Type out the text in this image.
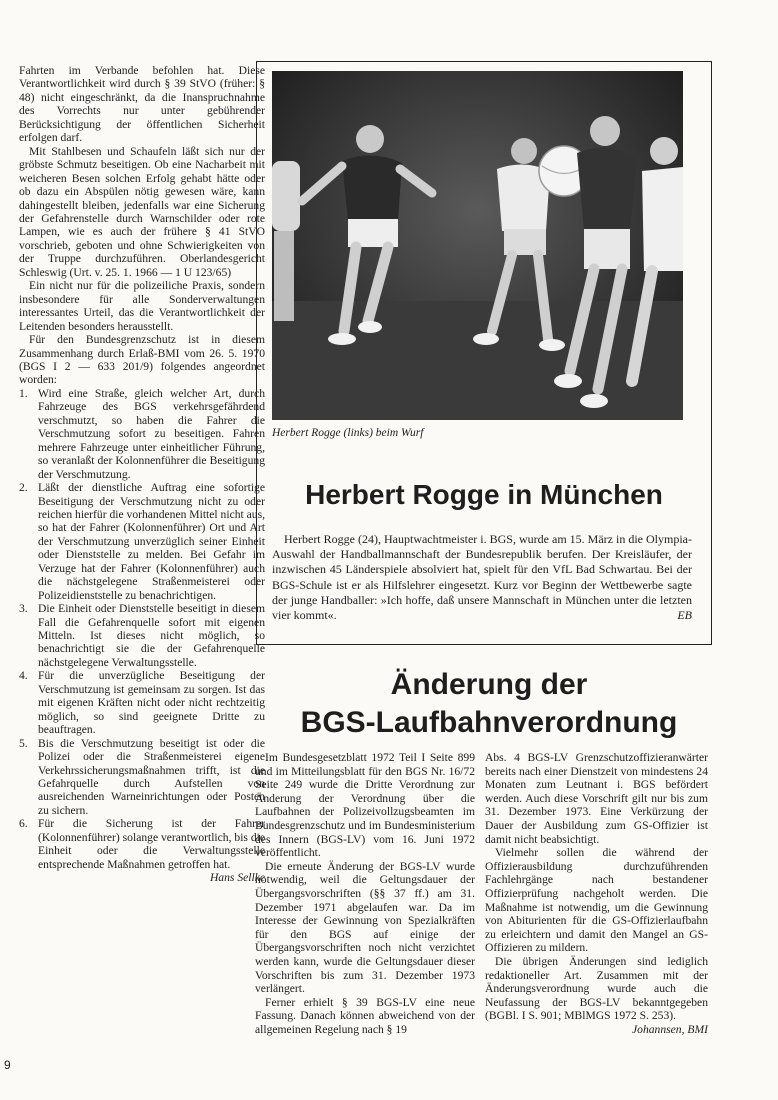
Fahrten im Verbande befohlen hat. Diese Verantwortlichkeit wird durch § 39 StVO (früher: § 48) nicht eingeschränkt, da die Inanspruchnahme des Vorrechts nur unter gebührender Berücksichtigung der öffentlichen Sicherheit erfolgen darf.

Mit Stahlbesen und Schaufeln läßt sich nur der gröbste Schmutz beseitigen. Ob eine Nacharbeit mit weicheren Besen solchen Erfolg gehabt hätte oder ob dazu ein Abspülen nötig gewesen wäre, kann dahingestellt bleiben, jedenfalls war eine Sicherung der Gefahrenstelle durch Warnschilder oder rote Lampen, wie es auch der frühere § 41 StVO vorschrieb, geboten und ohne Schwierigkeiten von der Truppe durchzuführen. Oberlandesgericht Schleswig (Urt. v. 25. 1. 1966 — 1 U 123/65)

Ein nicht nur für die polizeiliche Praxis, sondern insbesondere für alle Sonderverwaltungen interessantes Urteil, das die Verantwortlichkeit der Leitenden besonders herausstellt.

Für den Bundesgrenzschutz ist in diesem Zusammenhang durch Erlaß-BMI vom 26. 5. 1970 (BGS I 2 — 633 201/9) folgendes angeordnet worden:

1. Wird eine Straße, gleich welcher Art, durch Fahrzeuge des BGS verkehrsgefährdend verschmutzt, so haben die Fahrer die Verschmutzung sofort zu beseitigen. Fahren mehrere Fahrzeuge unter einheitlicher Führung, so veranlaßt der Kolonnenführer die Beseitigung der Verschmutzung.
2. Läßt der dienstliche Auftrag eine sofortige Beseitigung der Verschmutzung nicht zu oder reichen hierfür die vorhandenen Mittel nicht aus, so hat der Fahrer (Kolonnenführer) Ort und Art der Verschmutzung unverzüglich seiner Einheit oder Dienststelle zu melden. Bei Gefahr im Verzuge hat der Fahrer (Kolonnenführer) auch die nächstgelegene Straßenmeisterei oder Polizeidienststelle zu benachrichtigen.
3. Die Einheit oder Dienststelle beseitigt in diesem Fall die Gefahrenquelle sofort mit eigenen Mitteln. Ist dieses nicht möglich, so benachrichtigt sie die der Gefahrenquelle nächstgelegene Verwaltungsstelle.
4. Für die unverzügliche Beseitigung der Verschmutzung ist gemeinsam zu sorgen. Ist das mit eigenen Kräften nicht oder nicht rechtzeitig möglich, so sind geeignete Dritte zu beauftragen.
5. Bis die Verschmutzung beseitigt ist oder die Polizei oder die Straßenmeisterei eigene Verkehrssicherungsmaßnahmen trifft, ist die Gefahrquelle durch Aufstellen von ausreichenden Warneinrichtungen oder Posten zu sichern.
6. Für die Sicherung ist der Fahrer (Kolonnenführer) solange verantwortlich, bis die Einheit oder die Verwaltungsstelle entsprechende Maßnahmen getroffen hat.
Hans Sellke
9
Herbert Rogge (links) beim Wurf
Herbert Rogge in München

Herbert Rogge (24), Hauptwachtmeister i. BGS, wurde am 15. März in die Olympia-Auswahl der Handballmannschaft der Bundesrepublik berufen. Der Kreisläufer, der inzwischen 45 Länderspiele absolviert hat, spielt für den VfL Bad Schwartau. Bei der BGS-Schule ist er als Hilfslehrer eingesetzt. Kurz vor Beginn der Wettbewerbe sagte der junge Handballer: »Ich hoffe, daß unsere Mannschaft in München unter die letzten vier kommt«.	EB

Änderung der
BGS-Laufbahnverordnung

Im Bundesgesetzblatt 1972 Teil I Seite 899 und im Mitteilungsblatt für den BGS Nr. 16/72 Seite 249 wurde die Dritte Verordnung zur Änderung der Verordnung über die Laufbahnen der Polizeivollzugsbeamten im Bundesgrenzschutz und im Bundesministerium des Innern (BGS-LV) vom 16. Juni 1972 veröffentlicht.

Die erneute Änderung der BGS-LV wurde notwendig, weil die Geltungsdauer der Übergangsvorschriften (§§ 37 ff.) am 31. Dezember 1971 abgelaufen war. Da im Interesse der Gewinnung von Spezialkräften für den BGS auf einige der Übergangsvorschriften noch nicht verzichtet werden kann, wurde die Geltungsdauer dieser Vorschriften bis zum 31. Dezember 1973 verlängert.

Ferner erhielt § 39 BGS-LV eine neue Fassung. Danach können abweichend von der allgemeinen Regelung nach § 19

Abs. 4 BGS-LV Grenzschutzoffizieranwärter bereits nach einer Dienstzeit von mindestens 24 Monaten zum Leutnant i. BGS befördert werden. Auch diese Vorschrift gilt nur bis zum 31. Dezember 1973. Eine Verkürzung der Dauer der Ausbildung zum GS-Offizier ist damit nicht beabsichtigt.

Vielmehr sollen die während der Offizierausbildung durchzuführenden Fachlehrgänge nach bestandener Offizierprüfung nachgeholt werden. Die Maßnahme ist notwendig, um die Gewinnung von Abiturienten für die GS-Offizierlaufbahn zu erleichtern und damit den Mangel an GS-Offizieren zu mildern.

Die übrigen Änderungen sind lediglich redaktioneller Art. Zusammen mit der Änderungsverordnung wurde auch die Neufassung der BGS-LV bekanntgegeben (BGBl. I S. 901; MBlMGS 1972 S. 253).

Johannsen, BMI
